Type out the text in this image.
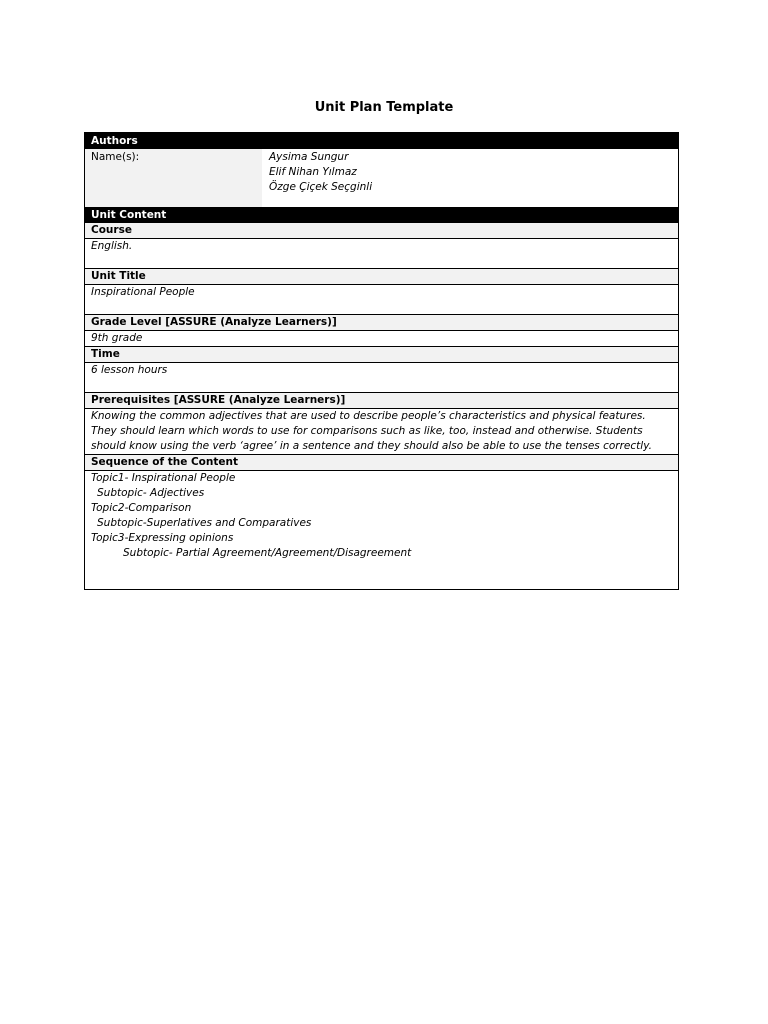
Unit Plan Template
Authors
Name(s):	Aysima Sungur
Elif Nihan Yılmaz
Özge Çiçek Seçginli
Unit Content
Course
English.
Unit Title
Inspirational People
Grade Level [ASSURE (Analyze Learners)]
9th grade
Time
6 lesson hours
Prerequisites [ASSURE (Analyze Learners)]
Knowing the common adjectives that are used to describe people’s characteristics and physical features. They should learn which words to use for comparisons such as like, too, instead and otherwise. Students should know using the verb ‘agree’ in a sentence and they should also be able to use the tenses correctly.
Sequence of the Content
Topic1- Inspirational People
Subtopic- Adjectives
Topic2-Comparison
Subtopic-Superlatives and Comparatives
Topic3-Expressing opinions
Subtopic- Partial Agreement/Agreement/Disagreement
